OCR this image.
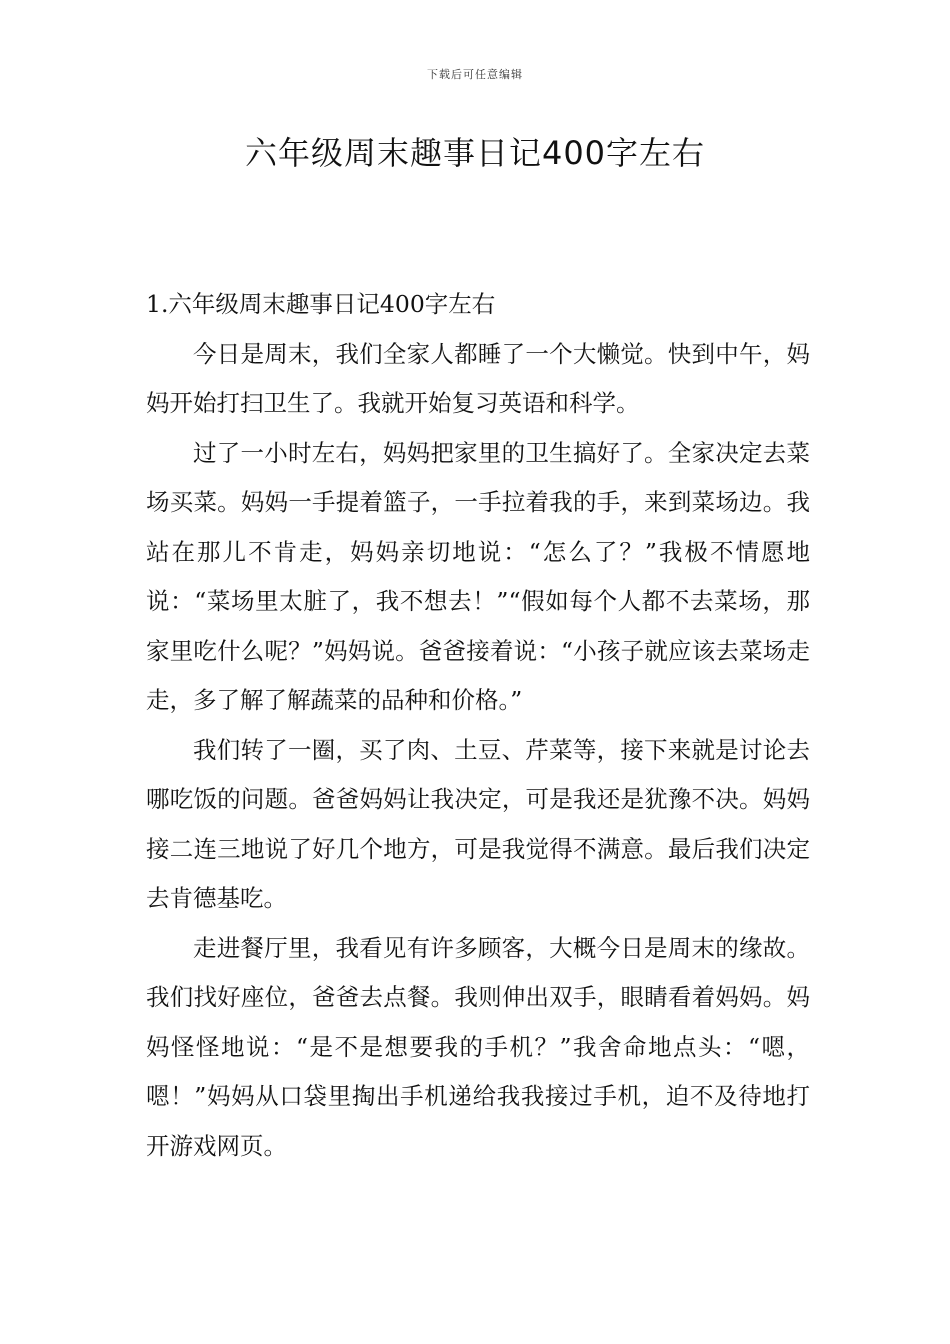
下载后可任意编辑
六年级周末趣事日记400字左右
1.六年级周末趣事日记400字左右

今日是周末，我们全家人都睡了一个大懒觉。快到中午，妈妈开始打扫卫生了。我就开始复习英语和科学。

过了一小时左右，妈妈把家里的卫生搞好了。全家决定去菜场买菜。妈妈一手提着篮子，一手拉着我的手，来到菜场边。我站在那儿不肯走，妈妈亲切地说：“怎么了？”我极不情愿地说：“菜场里太脏了，我不想去！”“假如每个人都不去菜场，那家里吃什么呢？”妈妈说。爸爸接着说：“小孩子就应该去菜场走走，多了解了解蔬菜的品种和价格。”

我们转了一圈，买了肉、土豆、芹菜等，接下来就是讨论去哪吃饭的问题。爸爸妈妈让我决定，可是我还是犹豫不决。妈妈接二连三地说了好几个地方，可是我觉得不满意。最后我们决定去肯德基吃。

走进餐厅里，我看见有许多顾客，大概今日是周末的缘故。我们找好座位，爸爸去点餐。我则伸出双手，眼睛看着妈妈。妈妈怪怪地说：“是不是想要我的手机？”我舍命地点头：“嗯，嗯！”妈妈从口袋里掏出手机递给我我接过手机，迫不及待地打开游戏网页。
